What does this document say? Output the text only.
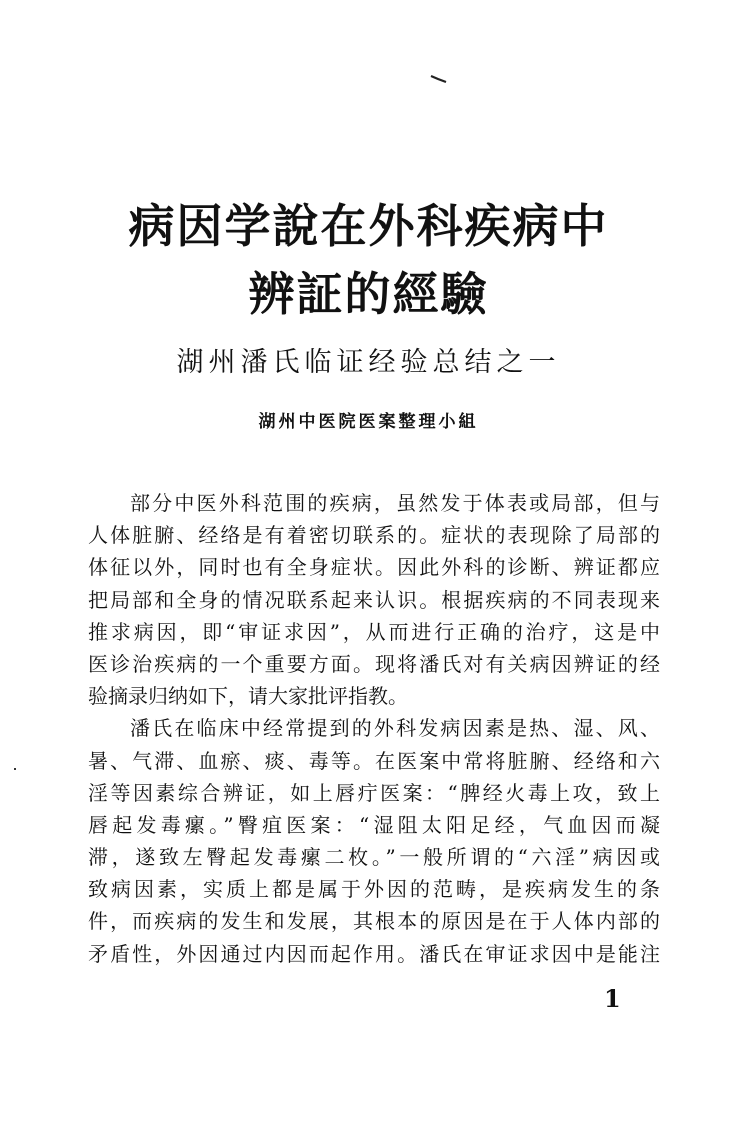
病因学說在外科疾病中
辨証的經驗
湖州潘氏临证经验总结之一
湖州中医院医案整理小組
部分中医外科范围的疾病，虽然发于体表或局部，但与
人体脏腑、经络是有着密切联系的。症状的表现除了局部的
体征以外，同时也有全身症状。因此外科的诊断、辨证都应
把局部和全身的情况联系起来认识。根据疾病的不同表现来
推求病因，即“审证求因”，从而进行正确的治疗，这是中
医诊治疾病的一个重要方面。现将潘氏对有关病因辨证的经
验摘录归纳如下，请大家批评指教。
潘氏在临床中经常提到的外科发病因素是热、湿、风、
暑、气滞、血瘀、痰、毒等。在医案中常将脏腑、经络和六
淫等因素综合辨证，如上唇疔医案：“脾经火毒上攻，致上
唇起发毒瘰。”臀疽医案：“湿阻太阳足经，气血因而凝
滞，遂致左臀起发毒瘰二枚。”一般所谓的“六淫”病因或
致病因素，实质上都是属于外因的范畴，是疾病发生的条
件，而疾病的发生和发展，其根本的原因是在于人体内部的
矛盾性，外因通过内因而起作用。潘氏在审证求因中是能注
1
